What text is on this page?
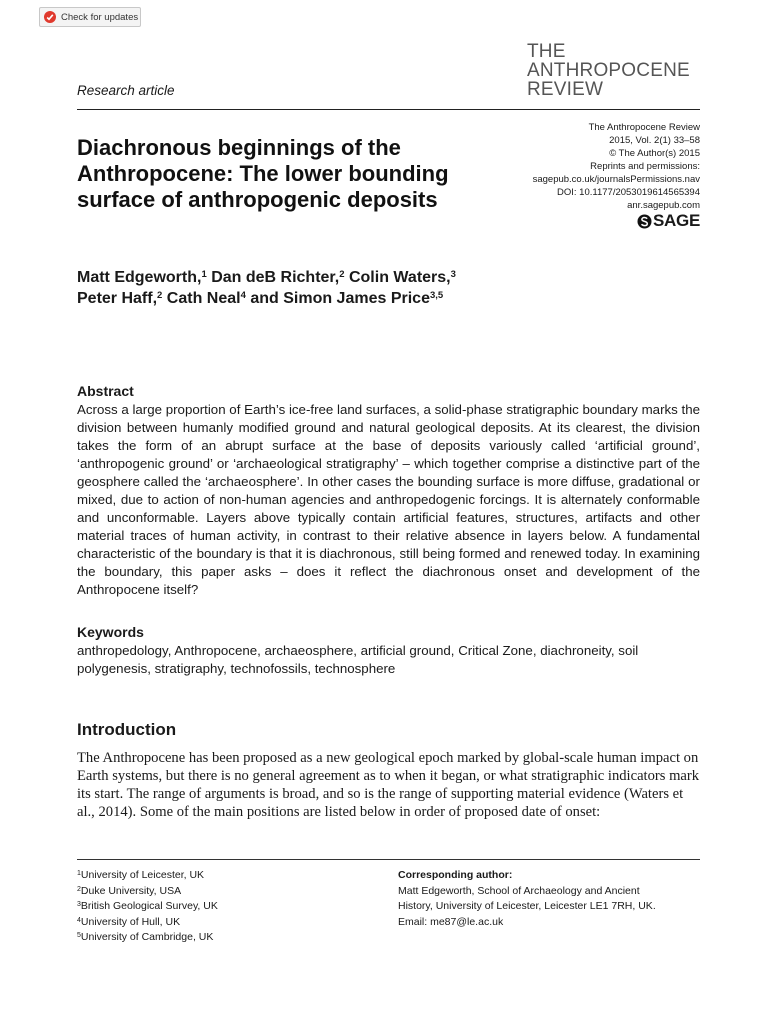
Check for updates
THE
ANTHROPOCENE
REVIEW
Research article
The Anthropocene Review
2015, Vol. 2(1) 33–58
© The Author(s) 2015
Reprints and permissions:
sagepub.co.uk/journalsPermissions.nav
DOI: 10.1177/2053019614565394
anr.sagepub.com
SAGE
Diachronous beginnings of the
Anthropocene: The lower bounding
surface of anthropogenic deposits

Matt Edgeworth,$^1$ Dan deB Richter,$^2$ Colin Waters,$^3$ Peter Haff,$^2$ Cath Neal$^4$ and Simon James Price$^{3,5}$

Abstract

Across a large proportion of Earth’s ice-free land surfaces, a solid-phase stratigraphic boundary marks the division between humanly modified ground and natural geological deposits. At its clearest, the division takes the form of an abrupt surface at the base of deposits variously called ‘artificial ground’, ‘anthropogenic ground’ or ‘archaeological stratigraphy’ – which together comprise a distinctive part of the geosphere called the ‘archaeosphere’. In other cases the bounding surface is more diffuse, gradational or mixed, due to action of non-human agencies and anthropedogenic forcings. It is alternately conformable and unconformable. Layers above typically contain artificial features, structures, artifacts and other material traces of human activity, in contrast to their relative absence in layers below. A fundamental characteristic of the boundary is that it is diachronous, still being formed and renewed today. In examining the boundary, this paper asks – does it reflect the diachronous onset and development of the Anthropocene itself?

Keywords

anthropedology, Anthropocene, archaeosphere, artificial ground, Critical Zone, diachroneity, soil polygenesis, stratigraphy, technofossils, technosphere

Introduction

The Anthropocene has been proposed as a new geological epoch marked by global-scale human impact on Earth systems, but there is no general agreement as to when it began, or what stratigraphic indicators mark its start. The range of arguments is broad, and so is the range of supporting material evidence (Waters et al., 2014). Some of the main positions are listed below in order of proposed date of onset:

$^1$University of Leicester, UK
$^2$Duke University, USA
$^3$British Geological Survey, UK
$^4$University of Hull, UK
$^5$University of Cambridge, UK
Corresponding author:
Matt Edgeworth, School of Archaeology and Ancient
History, University of Leicester, Leicester LE1 7RH, UK.
Email: me87@le.ac.uk
